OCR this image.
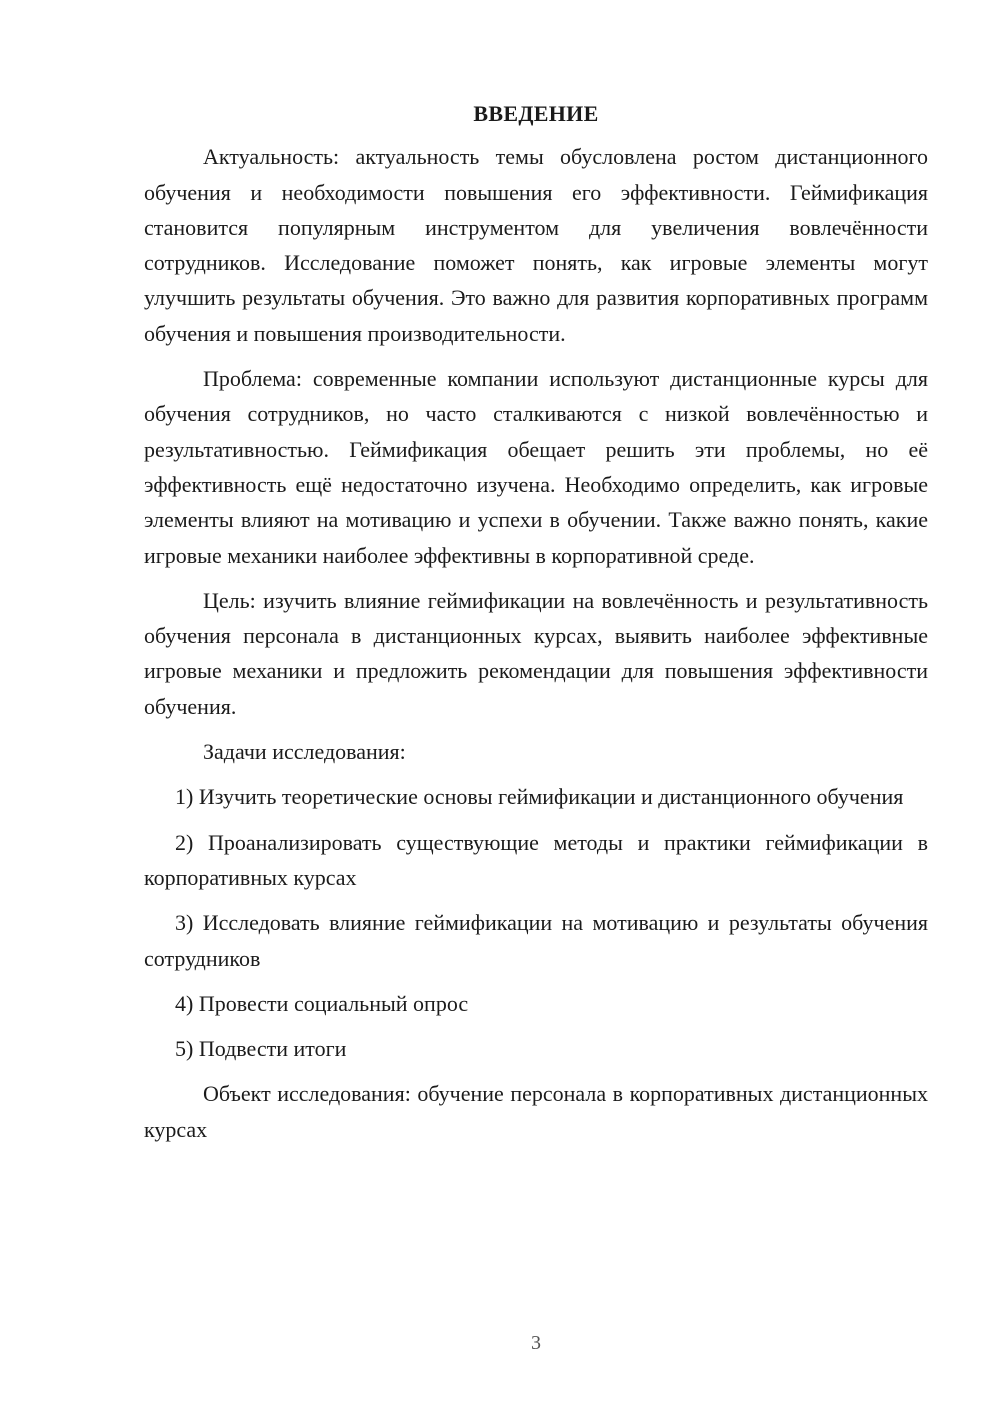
ВВЕДЕНИЕ

Актуальность: актуальность темы обусловлена ростом дистанционного обучения и необходимости повышения его эффективности. Геймификация становится популярным инструментом для увеличения вовлечённости сотрудников. Исследование поможет понять, как игровые элементы могут улучшить результаты обучения. Это важно для развития корпоративных программ обучения и повышения производительности.

Проблема: современные компании используют дистанционные курсы для обучения сотрудников, но часто сталкиваются с низкой вовлечённостью и результативностью. Геймификация обещает решить эти проблемы, но её эффективность ещё недостаточно изучена. Необходимо определить, как игровые элементы влияют на мотивацию и успехи в обучении. Также важно понять, какие игровые механики наиболее эффективны в корпоративной среде.

Цель: изучить влияние геймификации на вовлечённость и результативность обучения персонала в дистанционных курсах, выявить наиболее эффективные игровые механики и предложить рекомендации для повышения эффективности обучения.

Задачи исследования:

1) Изучить теоретические основы геймификации и дистанционного обучения

2) Проанализировать существующие методы и практики геймификации в корпоративных курсах

3) Исследовать влияние геймификации на мотивацию и результаты обучения сотрудников

4) Провести социальный опрос

5) Подвести итоги

Объект исследования: обучение персонала в корпоративных дистанционных курсах

3
